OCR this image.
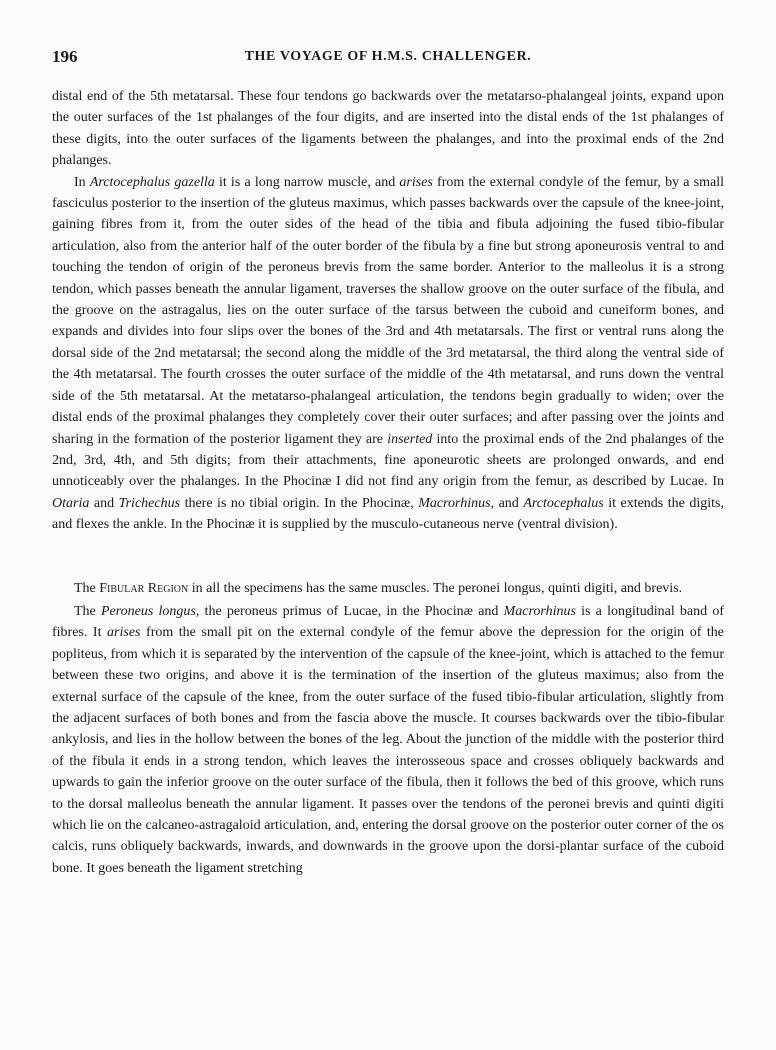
196	THE VOYAGE OF H.M.S. CHALLENGER.

distal end of the 5th metatarsal. These four tendons go backwards over the metatarso-phalangeal joints, expand upon the outer surfaces of the 1st phalanges of the four digits, and are inserted into the distal ends of the 1st phalanges of these digits, into the outer surfaces of the ligaments between the phalanges, and into the proximal ends of the 2nd phalanges.

In Arctocephalus gazella it is a long narrow muscle, and arises from the external condyle of the femur, by a small fasciculus posterior to the insertion of the gluteus maximus, which passes backwards over the capsule of the knee-joint, gaining fibres from it, from the outer sides of the head of the tibia and fibula adjoining the fused tibio-fibular articulation, also from the anterior half of the outer border of the fibula by a fine but strong aponeurosis ventral to and touching the tendon of origin of the peroneus brevis from the same border. Anterior to the malleolus it is a strong tendon, which passes beneath the annular ligament, traverses the shallow groove on the outer surface of the fibula, and the groove on the astragalus, lies on the outer surface of the tarsus between the cuboid and cuneiform bones, and expands and divides into four slips over the bones of the 3rd and 4th metatarsals. The first or ventral runs along the dorsal side of the 2nd metatarsal; the second along the middle of the 3rd metatarsal, the third along the ventral side of the 4th metatarsal. The fourth crosses the outer surface of the middle of the 4th metatarsal, and runs down the ventral side of the 5th metatarsal. At the metatarso-phalangeal articulation, the tendons begin gradually to widen; over the distal ends of the proximal phalanges they completely cover their outer surfaces; and after passing over the joints and sharing in the formation of the posterior ligament they are inserted into the proximal ends of the 2nd phalanges of the 2nd, 3rd, 4th, and 5th digits; from their attachments, fine aponeurotic sheets are prolonged onwards, and end unnoticeably over the phalanges. In the Phocinæ I did not find any origin from the femur, as described by Lucae. In Otaria and Trichechus there is no tibial origin. In the Phocinæ, Macrorhinus, and Arctocephalus it extends the digits, and flexes the ankle. In the Phocinæ it is supplied by the musculo-cutaneous nerve (ventral division).

The Fibular Region in all the specimens has the same muscles. The peronei longus, quinti digiti, and brevis.

The Peroneus longus, the peroneus primus of Lucae, in the Phocinæ and Macrorhinus is a longitudinal band of fibres. It arises from the small pit on the external condyle of the femur above the depression for the origin of the popliteus, from which it is separated by the intervention of the capsule of the knee-joint, which is attached to the femur between these two origins, and above it is the termination of the insertion of the gluteus maximus; also from the external surface of the capsule of the knee, from the outer surface of the fused tibio-fibular articulation, slightly from the adjacent surfaces of both bones and from the fascia above the muscle. It courses backwards over the tibio-fibular ankylosis, and lies in the hollow between the bones of the leg. About the junction of the middle with the posterior third of the fibula it ends in a strong tendon, which leaves the interosseous space and crosses obliquely backwards and upwards to gain the inferior groove on the outer surface of the fibula, then it follows the bed of this groove, which runs to the dorsal malleolus beneath the annular ligament. It passes over the tendons of the peronei brevis and quinti digiti which lie on the calcaneo-astragaloid articulation, and, entering the dorsal groove on the posterior outer corner of the os calcis, runs obliquely backwards, inwards, and downwards in the groove upon the dorsi-plantar surface of the cuboid bone. It goes beneath the ligament stretching
